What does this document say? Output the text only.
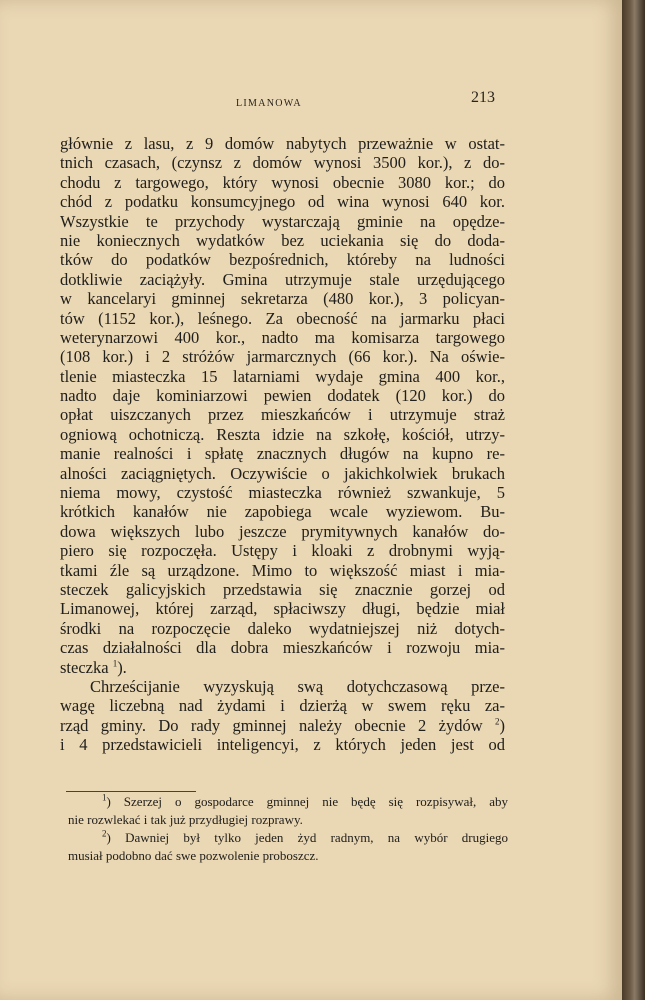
LIMANOWA	213
głównie z lasu, z 9 domów nabytych przeważnie w ostat-
tnich czasach, (czynsz z domów wynosi 3500 kor.), z do-
chodu z targowego, który wynosi obecnie 3080 kor.; do
chód z podatku konsumcyjnego od wina wynosi 640 kor.
Wszystkie te przychody wystarczają gminie na opędze-
nie koniecznych wydatków bez uciekania się do doda-
tków do podatków bezpośrednich, któreby na ludności
dotkliwie zaciążyły. Gmina utrzymuje stale urzędującego
w kancelaryi gminnej sekretarza (480 kor.), 3 policyan-
tów (1152 kor.), leśnego. Za obecność na jarmarku płaci
weterynarzowi 400 kor., nadto ma komisarza targowego
(108 kor.) i 2 stróżów jarmarcznych (66 kor.). Na oświe-
tlenie miasteczka 15 latarniami wydaje gmina 400 kor.,
nadto daje kominiarzowi pewien dodatek (120 kor.) do
opłat uiszczanych przez mieszkańców i utrzymuje straż
ogniową ochotniczą. Reszta idzie na szkołę, kościół, utrzy-
manie realności i spłatę znacznych długów na kupno re-
alności zaciągniętych. Oczywiście o jakichkolwiek brukach
niema mowy, czystość miasteczka również szwankuje, 5
krótkich kanałów nie zapobiega wcale wyziewom. Bu-
dowa większych lubo jeszcze prymitywnych kanałów do-
piero się rozpoczęła. Ustępy i kloaki z drobnymi wyją-
tkami źle są urządzone. Mimo to większość miast i mia-
steczek galicyjskich przedstawia się znacznie gorzej od
Limanowej, której zarząd, spłaciwszy długi, będzie miał
środki na rozpoczęcie daleko wydatniejszej niż dotych-
czas działalności dla dobra mieszkańców i rozwoju mia-
steczka $^1$).
Chrześcijanie wyzyskują swą dotychczasową prze-
wagę liczebną nad żydami i dzierżą w swem ręku za-
rząd gminy. Do rady gminnej należy obecnie 2 żydów $^2$)
i 4 przedstawicieli inteligencyi, z których jeden jest od
$^1$) Szerzej o gospodarce gminnej nie będę się rozpisywał, aby
nie rozwlekać i tak już przydługiej rozprawy.
$^2$) Dawniej był tylko jeden żyd radnym, na wybór drugiego
musiał podobno dać swe pozwolenie proboszcz.
